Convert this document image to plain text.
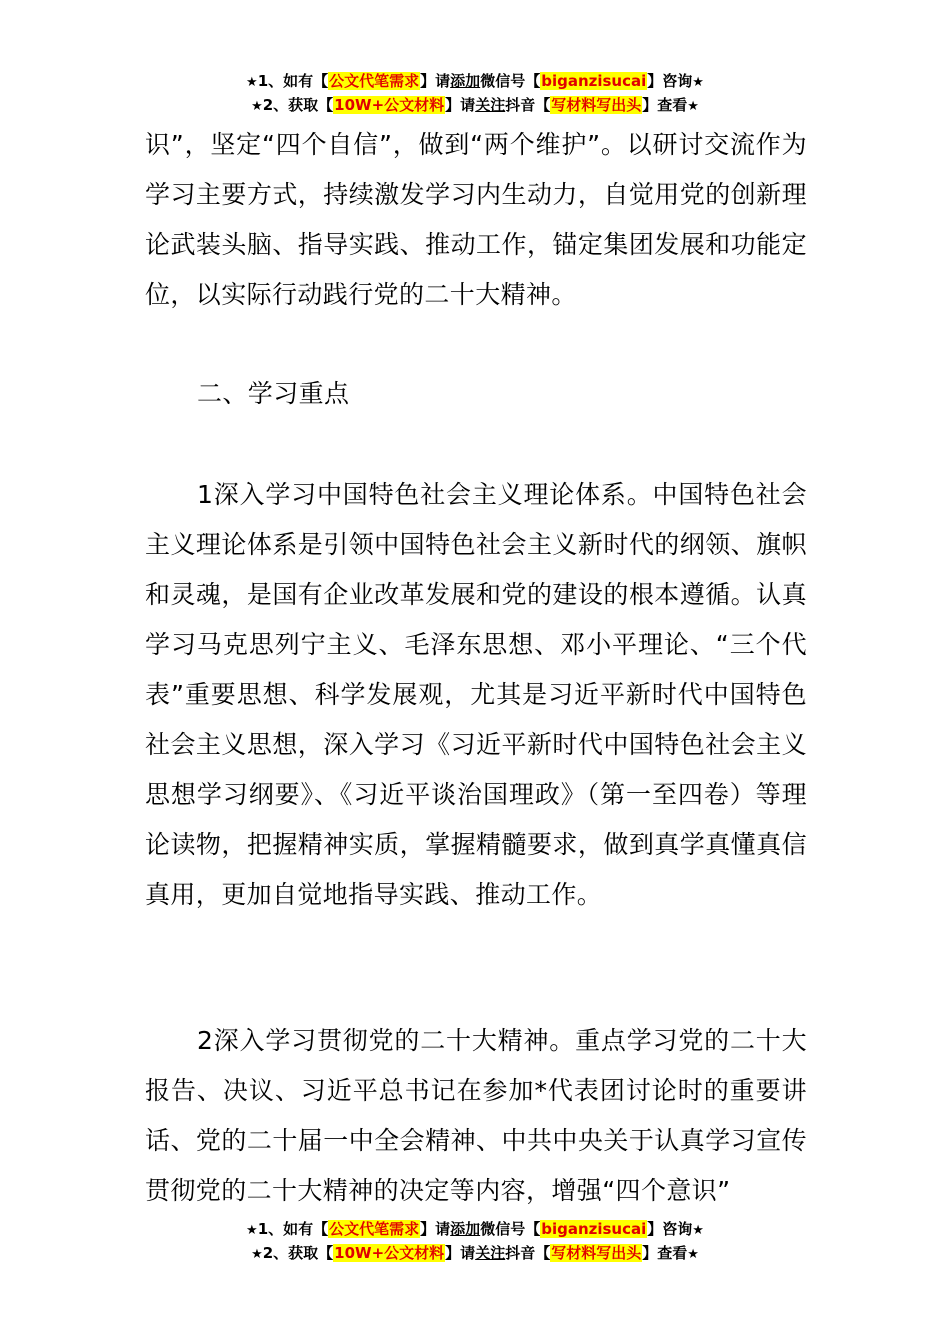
★1、如有【公文代笔需求】请添加微信号【biganzisucai】咨询★
★2、获取【10W+公文材料】请关注抖音【写材料写出头】查看★

识”，坚定“四个自信”，做到“两个维护”。以研讨交流作为学习主要方式，持续激发学习内生动力，自觉用党的创新理论武装头脑、指导实践、推动工作，锚定集团发展和功能定位，以实际行动践行党的二十大精神。

二、学习重点

1深入学习中国特色社会主义理论体系。中国特色社会主义理论体系是引领中国特色社会主义新时代的纲领、旗帜和灵魂，是国有企业改革发展和党的建设的根本遵循。认真学习马克思列宁主义、毛泽东思想、邓小平理论、“三个代表”重要思想、科学发展观，尤其是习近平新时代中国特色社会主义思想，深入学习《习近平新时代中国特色社会主义思想学习纲要》、《习近平谈治国理政》（第一至四卷）等理论读物，把握精神实质，掌握精髓要求，做到真学真懂真信真用，更加自觉地指导实践、推动工作。

2深入学习贯彻党的二十大精神。重点学习党的二十大报告、决议、习近平总书记在参加*代表团讨论时的重要讲话、党的二十届一中全会精神、中共中央关于认真学习宣传贯彻党的二十大精神的决定等内容，增强“四个意识”

★1、如有【公文代笔需求】请添加微信号【biganzisucai】咨询★
★2、获取【10W+公文材料】请关注抖音【写材料写出头】查看★
